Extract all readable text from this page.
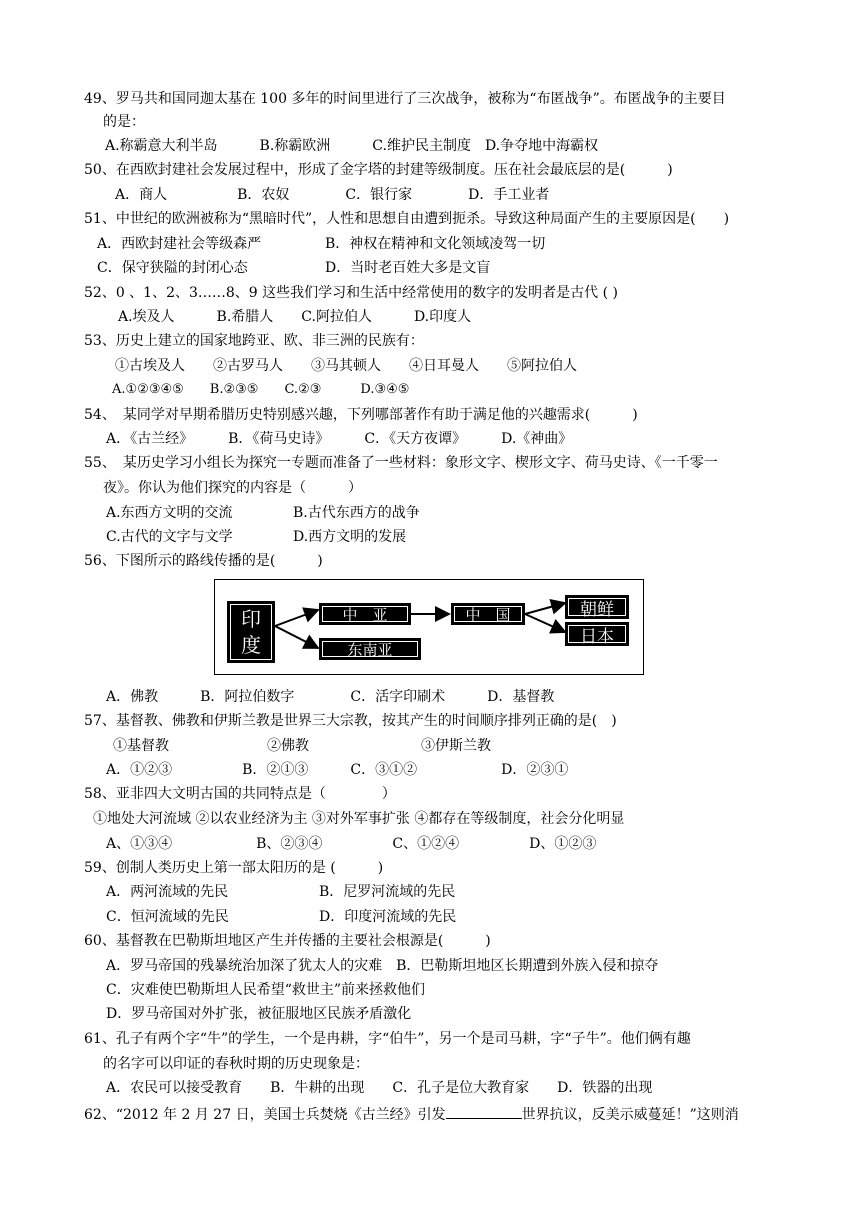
49、罗马共和国同迦太基在 100 多年的时间里进行了三次战争，被称为“布匿战争”。布匿战争的主要目
的是：
A.称霸意大利半岛　　　B.称霸欧洲　　　C.维护民主制度　D.争夺地中海霸权
50、在西欧封建社会发展过程中，形成了金字塔的封建等级制度。压在社会最底层的是(　　　)
A．商人　　　　　B．农奴　　　　C．银行家　　　　D．手工业者
51、中世纪的欧洲被称为“黑暗时代”，人性和思想自由遭到扼杀。导致这种局面产生的主要原因是(　　)
A．西欧封建社会等级森严	B．神权在精神和文化领域凌驾一切
C．保守狭隘的封闭心态	D．当时老百姓大多是文盲
52、0 、1、2、3……8、9 这些我们学习和生活中经常使用的数字的发明者是古代 ( )
A.埃及人　　　B.希腊人　　C.阿拉伯人　　　D.印度人
53、历史上建立的国家地跨亚、欧、非三洲的民族有：
①古埃及人　　②古罗马人　　③马其顿人　　④日耳曼人　　⑤阿拉伯人
A.①②③④⑤　　B.②③⑤　　C.②③　　　D.③④⑤
54、　某同学对早期希腊历史特别感兴趣，下列哪部著作有助于满足他的兴趣需求(　　　)
A．《古兰经》　　　B．《荷马史诗》　　　C．《天方夜谭》　　　D.《神曲》
55、　某历史学习小组长为探究一专题而准备了一些材料：象形文字、楔形文字、荷马史诗、《一千零一
夜》。你认为他们探究的内容是（　　　）
A.东西方文明的交流	B.古代东西方的战争
C.古代的文字与文学	D.西方文明的发展
56、下图所示的路线传播的是(　　　)
印
度
中　亚
东南亚
中　国	朝鲜
日本
A．佛教　　　B．阿拉伯数字　　　　C．活字印刷术　　　D．基督教
57、基督教、佛教和伊斯兰教是世界三大宗教，按其产生的时间顺序排列正确的是(　)
①基督教　　　　　　　②佛教　　　　　　　　③伊斯兰教
A．①②③　　　　　B．②①③　　　C．③①②　　　　　　D．②③①
58、亚非四大文明古国的共同特点是（　　　　）
①地处大河流域 ②以农业经济为主 ③对外军事扩张 ④都存在等级制度，社会分化明显
A、①③④　　　　　　B、②③④　　　　　C、①②④　　　　　D、①②③
59、创制人类历史上第一部太阳历的是 (　　　)
A．两河流域的先民	B．尼罗河流域的先民
C．恒河流域的先民	D．印度河流域的先民
60、基督教在巴勒斯坦地区产生并传播的主要社会根源是(　　　)
A．罗马帝国的残暴统治加深了犹太人的灾难　B．巴勒斯坦地区长期遭到外族入侵和掠夺
C．灾难使巴勒斯坦人民希望“救世主”前来拯救他们
D．罗马帝国对外扩张，被征服地区民族矛盾激化
61、孔子有两个字“牛”的学生，一个是冉耕，字“伯牛”，另一个是司马耕，字“子牛”。他们俩有趣
的名字可以印证的春秋时期的历史现象是：
A．农民可以接受教育　　B．牛耕的出现　　C．孔子是位大教育家　　D．铁器的出现
62、“2012 年 2 月 27 日，美国士兵焚烧《古兰经》引发	世界抗议，反美示威蔓延！”这则消
